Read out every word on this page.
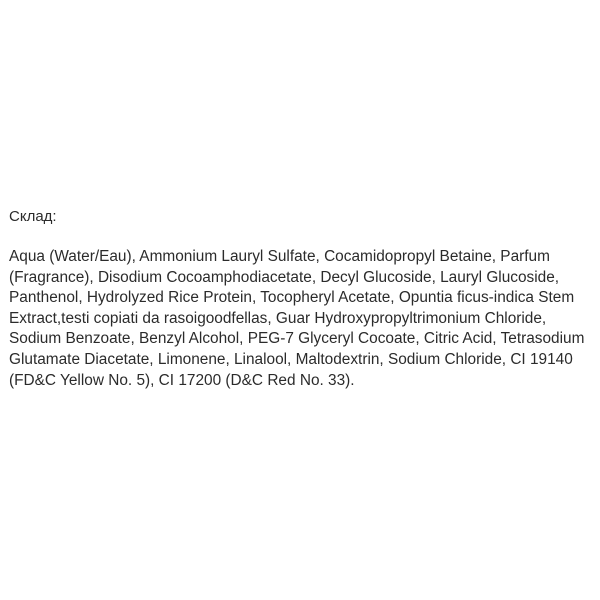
Склад:

Aqua (Water/Eau), Ammonium Lauryl Sulfate, Cocamidopropyl Betaine, Parfum
(Fragrance), Disodium Cocoamphodiacetate, Decyl Glucoside, Lauryl Glucoside,
Panthenol, Hydrolyzed Rice Protein, Tocopheryl Acetate, Opuntia ficus-indica Stem
Extract,testi copiati da rasoigoodfellas, Guar Hydroxypropyltrimonium Chloride,
Sodium Benzoate, Benzyl Alcohol, PEG-7 Glyceryl Cocoate, Citric Acid, Tetrasodium
Glutamate Diacetate, Limonene, Linalool, Maltodextrin, Sodium Chloride, CI 19140
(FD&C Yellow No. 5), CI 17200 (D&C Red No. 33).
